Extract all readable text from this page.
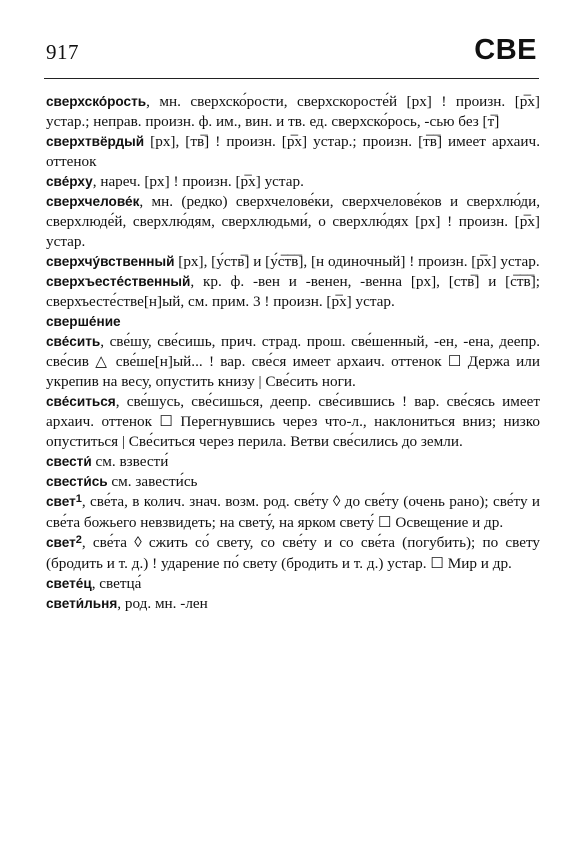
917	СВЕ

сверхско́рость, мн. сверхско́рости, сверхскоросте́й [рх] ! произн. [р̅х] устар.; неправ. произн. ф. им., вин. и тв. ед. сверхско́рось, -сью без [т̅]

сверхтвёрдый [рх], [тв̅] ! произн. [р̅х] устар.; произн. [т̅в̅] имеет архаич. оттенок

све́рху, нареч. [рх] ! произн. [р̅х] устар.

сверхчелове́к, мн. (редко) сверхчелове́ки, сверхчелове́ков и сверхлю́ди, сверхлюде́й, сверхлю́дям, сверхлюдьми́, о сверхлю́дях [рх] ! произн. [р̅х] устар.

сверхчу́вственный [рх], [у́ств̅] и [у́с̅т̅в̅], [н одиночный] ! произн. [р̅х] устар.

сверхъесте́ственный, кр. ф. -вен и -венен, -венна [рх], [ств̅] и [с̅т̅в̅]; сверхъесте́стве[н]ый, см. прим. 3 ! произн. [р̅х] устар.

сверше́ние

све́сить, све́шу, све́сишь, прич. страд. прош. све́шенный, -ен, -ена, деепр. све́сив △ све́ше[н]ый... ! вар. све́ся имеет архаич. оттенок ☐ Держа или укрепив на весу, опустить книзу | Све́сить ноги.

све́ситься, све́шусь, све́сишься, деепр. све́сившись ! вар. све́сясь имеет архаич. оттенок ☐ Перегнувшись через что-л., наклониться вниз; низко опуститься | Све́ситься через перила. Ветви све́сились до земли.

свести́ см. взвести́

свести́сь см. завести́сь

свет$^1$, све́та, в колич. знач. возм. род. све́ту ◊ до све́ту (очень рано); све́ту и све́та божьего невзвидеть; на свету́, на ярком свету́ ☐ Освещение и др.

свет$^2$, све́та ◊ сжить со́ свету, со све́ту и со све́та (погубить); по свету (бродить и т. д.) ! ударение по́ свету (бродить и т. д.) устар. ☐ Мир и др.

свете́ц, светца́

свети́льня, род. мн. -лен
